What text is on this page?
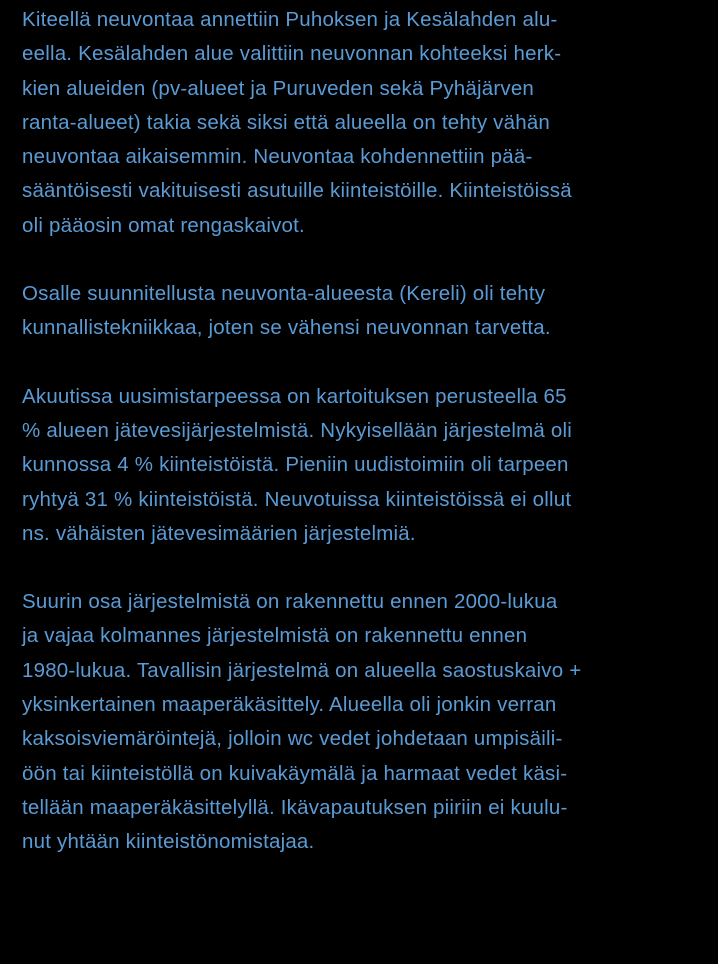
Kiteellä neuvontaa annettiin Puhoksen ja Kesälahden alu-
eella. Kesälahden alue valittiin neuvonnan kohteeksi herk-
kien alueiden (pv-alueet ja Puruveden sekä Pyhäjärven
ranta-alueet) takia sekä siksi että alueella on tehty vähän
neuvontaa aikaisemmin. Neuvontaa kohdennettiin pää-
sääntöisesti vakituisesti asutuille kiinteistöille. Kiinteistöissä
oli pääosin omat rengaskaivot.

Osalle suunnitellusta neuvonta-alueesta (Kereli) oli tehty
kunnallistekniikkaa, joten se vähensi neuvonnan tarvetta.

Akuutissa uusimistarpeessa on kartoituksen perusteella 65
% alueen jätevesijärjestelmistä. Nykyisellään järjestelmä oli
kunnossa 4 % kiinteistöistä. Pieniin uudistoimiin oli tarpeen
ryhtyä 31 % kiinteistöistä. Neuvotuissa kiinteistöissä ei ollut
ns. vähäisten jätevesimäärien järjestelmiä.

Suurin osa järjestelmistä on rakennettu ennen 2000-lukua
ja vajaa kolmannes järjestelmistä on rakennettu ennen
1980-lukua. Tavallisin järjestelmä on alueella saostuskaivo +
yksinkertainen maaperäkäsittely. Alueella oli jonkin verran
kaksoisviemäröintejä, jolloin wc vedet johdetaan umpisäili-
öön tai kiinteistöllä on kuivakäymälä ja harmaat vedet käsi-
tellään maaperäkäsittelyllä. Ikävapautuksen piiriin ei kuulu-
nut yhtään kiinteistönomistajaa.
